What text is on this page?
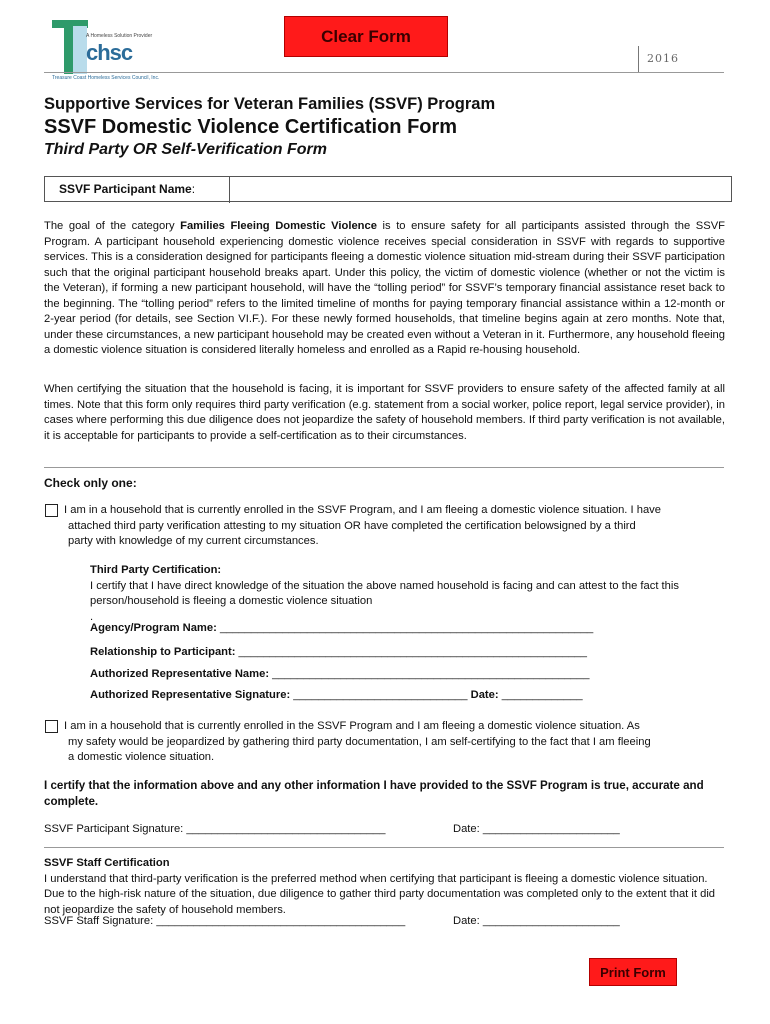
A Homeless Solution Provider
chsc
Treasure Coast Homeless Services Council, Inc.
Clear Form
2016
Supportive Services for Veteran Families (SSVF) Program
SSVF Domestic Violence Certification Form
Third Party OR Self-Verification Form
SSVF Participant Name:
The goal of the category Families Fleeing Domestic Violence is to ensure safety for all participants assisted through the SSVF Program. A participant household experiencing domestic violence receives special consideration in SSVF with regards to supportive services. This is a consideration designed for participants fleeing a domestic violence situation mid-stream during their SSVF participation such that the original participant household breaks apart. Under this policy, the victim of domestic violence (whether or not the victim is the Veteran), if forming a new participant household, will have the “tolling period” for SSVF’s temporary financial assistance reset back to the beginning. The “tolling period” refers to the limited timeline of months for paying temporary financial assistance within a 12-month or 2-year period (for details, see Section VI.F.). For these newly formed households, that timeline begins again at zero months. Note that, under these circumstances, a new participant household may be created even without a Veteran in it. Furthermore, any household fleeing a domestic violence situation is considered literally homeless and enrolled as a Rapid re-housing household.
When certifying the situation that the household is facing, it is important for SSVF providers to ensure safety of the affected family at all times. Note that this form only requires third party verification (e.g. statement from a social worker, police report, legal service provider), in cases where performing this due diligence does not jeopardize the safety of household members. If third party verification is not available, it is acceptable for participants to provide a self-certification as to their circumstances.
Check only one:
I am in a household that is currently enrolled in the SSVF Program, and I am fleeing a domestic violence situation. I have
attached third party verification attesting to my situation OR have completed the certification belowsigned by a third
party with knowledge of my current circumstances.
Third Party Certification:
I certify that I have direct knowledge of the situation the above named household is facing and can attest to the fact this person/household is fleeing a domestic violence situation
.
Agency/Program Name: ____________________________________________________________
Relationship to Participant: ________________________________________________________
Authorized Representative Name: ___________________________________________________
Authorized Representative Signature: ____________________________ Date: _____________
I am in a household that is currently enrolled in the SSVF Program and I am fleeing a domestic violence situation. As
my safety would be jeopardized by gathering third party documentation, I am self-certifying to the fact that I am fleeing
a domestic violence situation.
I certify that the information above and any other information I have provided to the SSVF Program is true, accurate and complete.
SSVF Participant Signature: ________________________________	Date: ______________________
SSVF Staff Certification
I understand that third-party verification is the preferred method when certifying that participant is fleeing a domestic violence situation. Due to the high-risk nature of the situation, due diligence to gather third party documentation was completed only to the extent that it did not jeopardize the safety of household members.
SSVF Staff Signature: ________________________________________	Date: ______________________
Print Form
